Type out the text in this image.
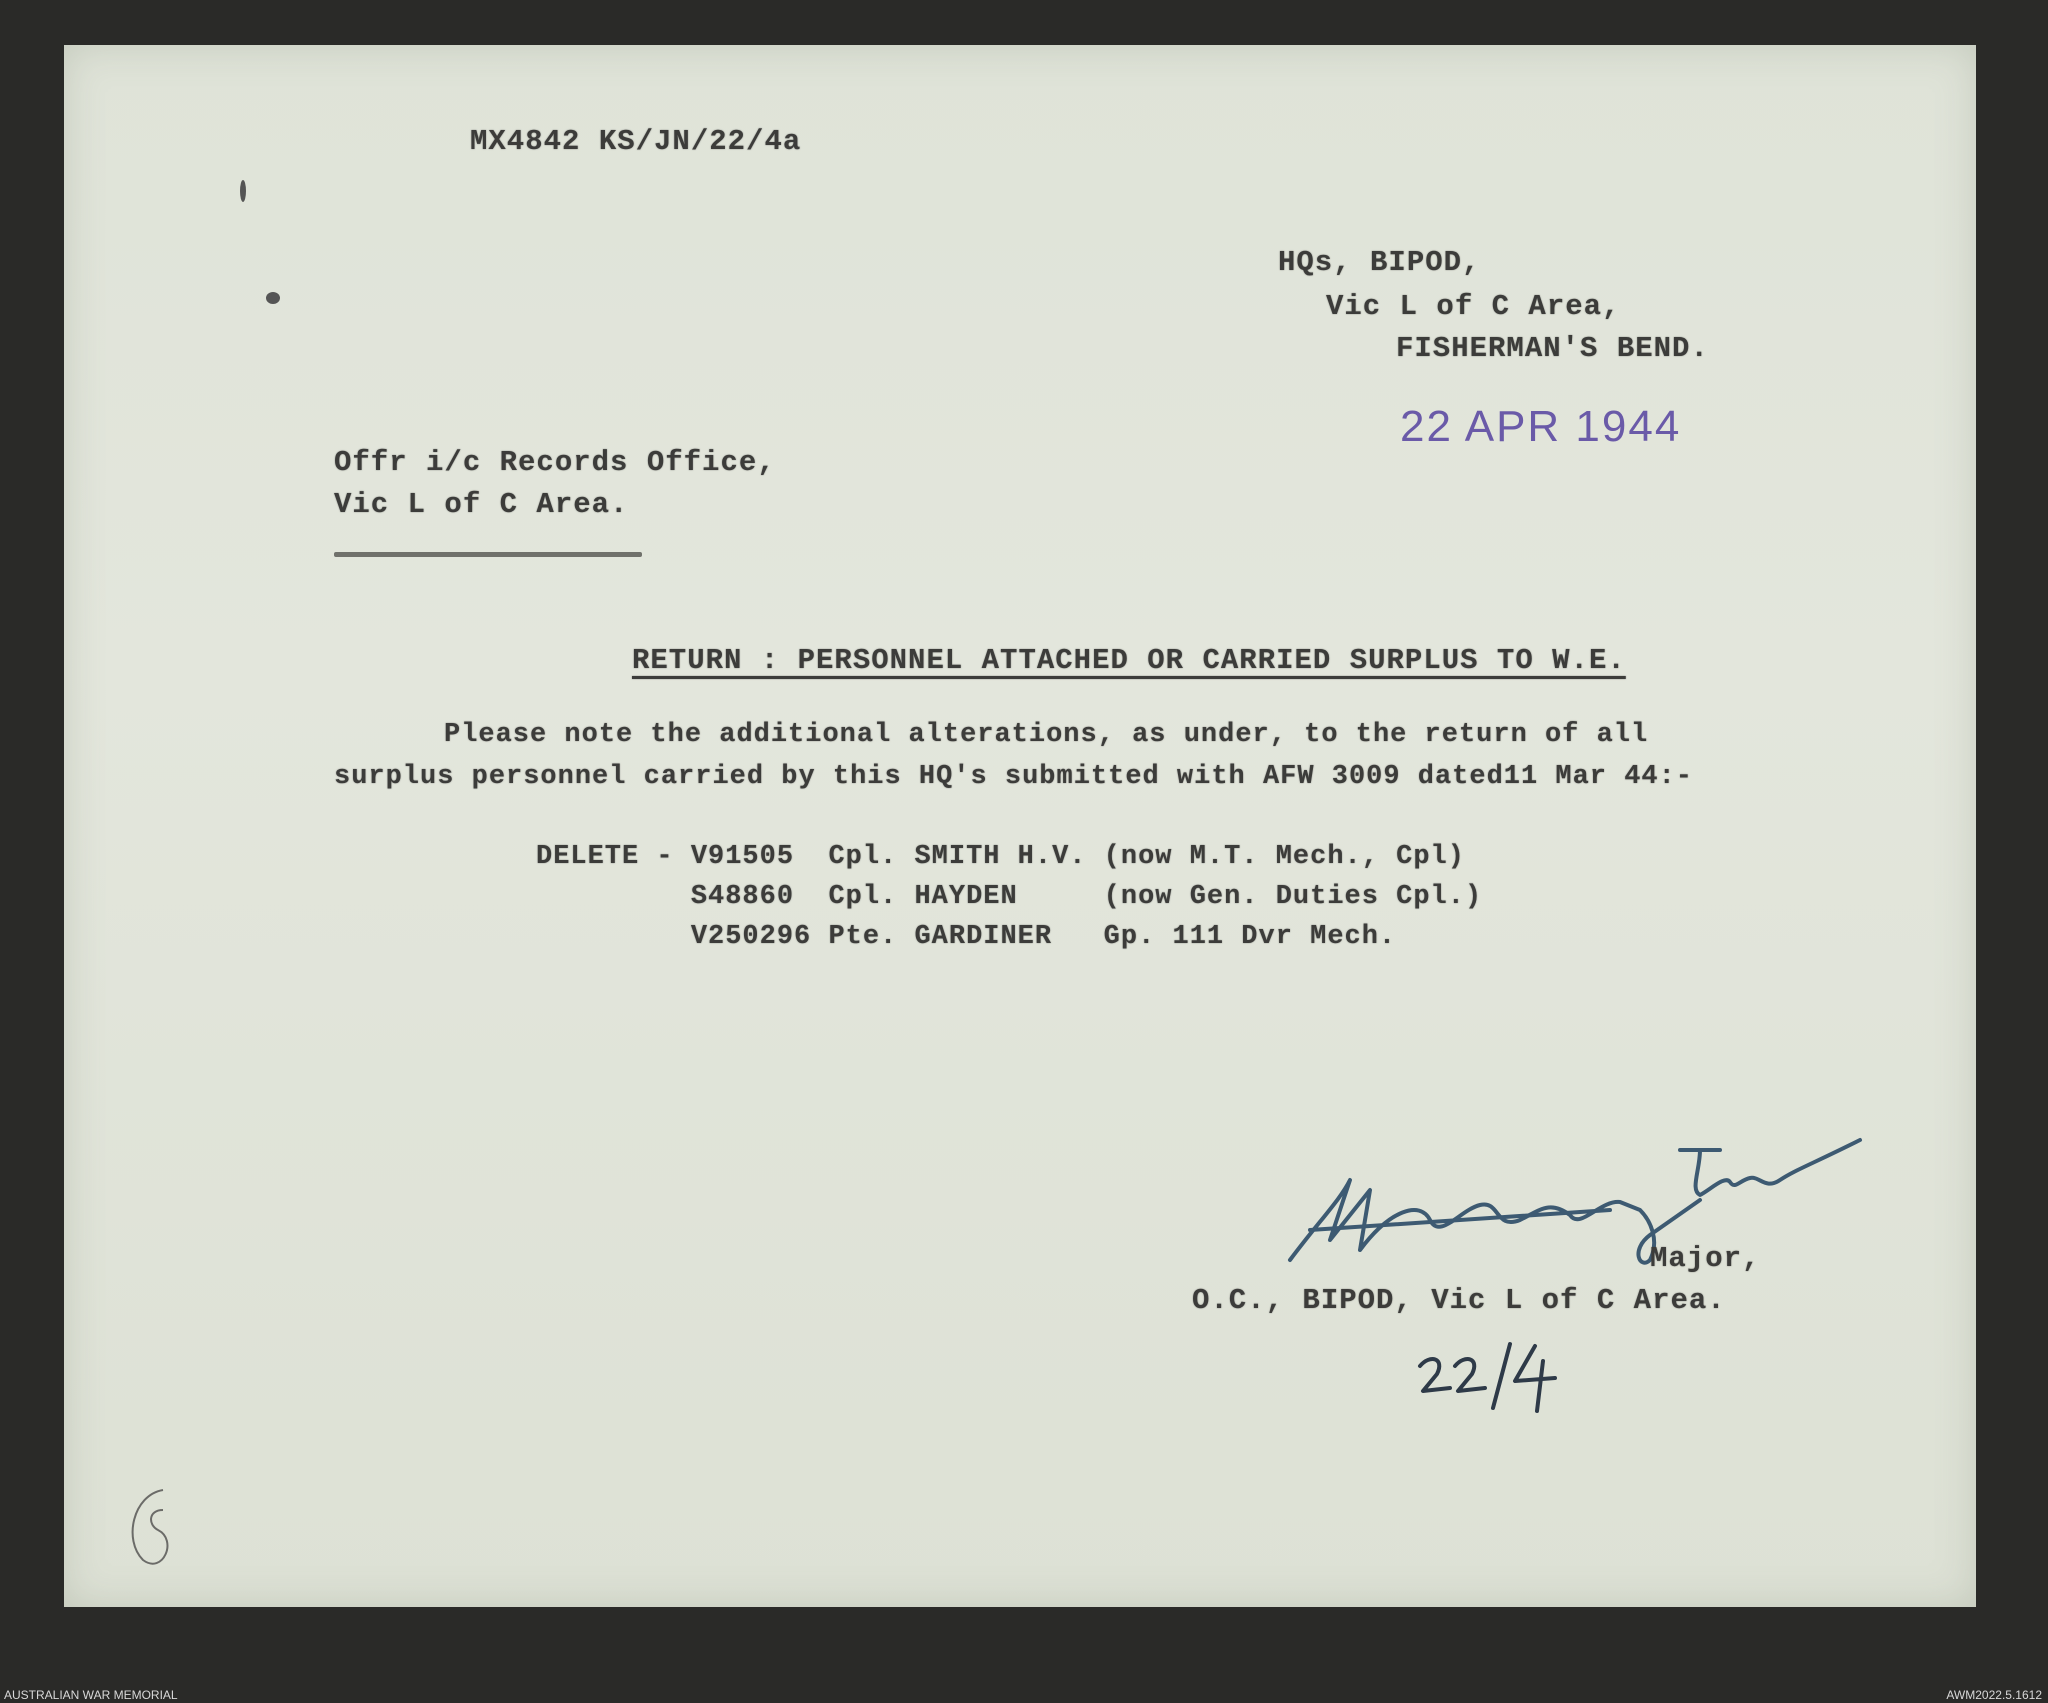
MX4842 KS/JN/22/4a
HQs, BIPOD,
Vic L of C Area,
FISHERMAN'S BEND.
22 APR 1944
Offr i/c Records Office,
Vic L of C Area.
RETURN : PERSONNEL ATTACHED OR CARRIED SURPLUS TO W.E.
Please note the additional alterations, as under, to the return of all
surplus personnel carried by this HQ's submitted with AFW 3009 dated11 Mar 44:-
DELETE - V91505  Cpl. SMITH H.V. (now M.T. Mech., Cpl)
S48860  Cpl. HAYDEN     (now Gen. Duties Cpl.)
V250296 Pte. GARDINER   Gp. 111 Dvr Mech.
Major,
O.C., BIPOD, Vic L of C Area.
AUSTRALIAN WAR MEMORIAL	AWM2022.5.1612
